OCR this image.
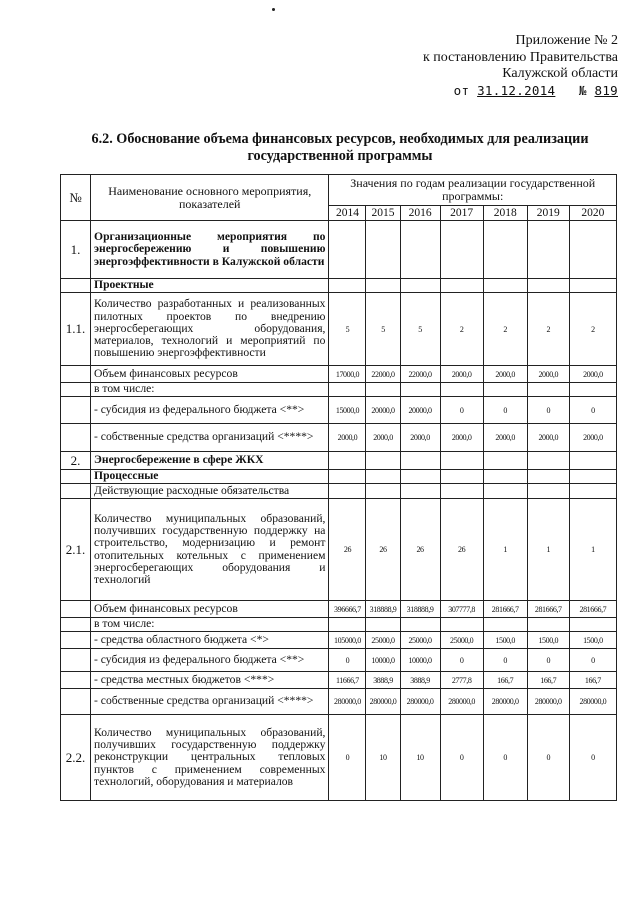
Приложение № 2
к постановлению Правительства
Калужской области
от 31.12.2014 № 819
6.2. Обоснование объема финансовых ресурсов, необходимых для реализации государственной программы
№	Наименование основного мероприятия, показателей	Значения по годам реализации государственной программы:						
		2014	2015	2016	2017	2018	2019	2020
1.	Организационные мероприятия по энергосбережению и повышению энергоэффективности в Калужской области							
	Проектные							
1.1.	Количество разработанных и реализованных пилотных проектов по внедрению энергосберегающих оборудования, материалов, технологий и мероприятий по повышению энергоэффективности	5	5	5	2	2	2	2
	Объем финансовых ресурсов	17000,0	22000,0	22000,0	2000,0	2000,0	2000,0	2000,0
	в том числе:							
	- субсидия из федерального бюджета <**>	15000,0	20000,0	20000,0	0	0	0	0
	- собственные средства организаций <****>	2000,0	2000,0	2000,0	2000,0	2000,0	2000,0	2000,0
2.	Энергосбережение в сфере ЖКХ							
	Процессные							
	Действующие расходные обязательства							
2.1.	Количество муниципальных образований, получивших государственную поддержку на строительство, модернизацию и ремонт отопительных котельных с применением энергосберегающих оборудования и технологий	26	26	26	26	1	1	1
	Объем финансовых ресурсов	396666,7	318888,9	318888,9	307777,8	281666,7	281666,7	281666,7
	в том числе:							
	- средства областного бюджета <*>	105000,0	25000,0	25000,0	25000,0	1500,0	1500,0	1500,0
	- субсидия из федерального бюджета <**>	0	10000,0	10000,0	0	0	0	0
	- средства местных бюджетов <***>	11666,7	3888,9	3888,9	2777,8	166,7	166,7	166,7
	- собственные средства организаций <****>	280000,0	280000,0	280000,0	280000,0	280000,0	280000,0	280000,0
2.2.	Количество муниципальных образований, получивших государственную поддержку реконструкции центральных тепловых пунктов с применением современных технологий, оборудования и материалов	0	10	10	0	0	0	0
